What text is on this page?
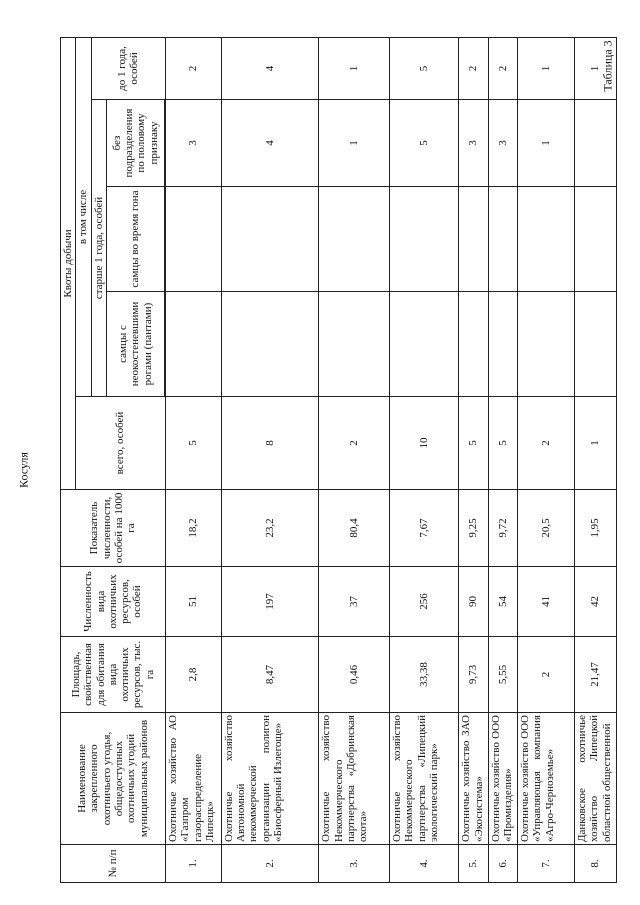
Косуля
Таблица 3
№ п/п	Наименование закрепленного охотничьего угодья, общедоступных охотничьих угодий муниципальных районов	Площадь, свойственная для обитания вида охотничьих ресурсов, тыс. га	Численность вида охотничьих ресурсов, особей	Показатель численности, особей на 1000 га	Квоты добычи				
					всего, особей	в том числе			
						старше 1 года, особей			до 1 года, особей
						самцы с неокостеневшими рогами (пантами)	самцы во время гона	без подразделения по половому признаку	

1.	Охотничье хозяйство АО «Газпром газораспределение Липецк»	2,8	51	18,2	5			3	2
2.	Охотничье хозяйство Автономной некоммерческой организации полигон «Биосферный Излегоще»	8,47	197	23,2	8			4	4
3.	Охотничье хозяйство Некоммерческого партнерства «Добринская охота»	0,46	37	80,4	2			1	1
4.	Охотничье хозяйство Некоммерческого партнерства «Липецкий экологический парк»	33,38	256	7,67	10			5	5
5.	Охотничье хозяйство ЗАО «Экосистема»	9,73	90	9,25	5			3	2
6.	Охотничье хозяйство ООО «Промизделия»	5,55	54	9,72	5			3	2
7.	Охотничье хозяйство ООО «Управляющая компания «Агро-Черноземье»	2	41	20,5	2			1	1
8.	Данковское охотничье хозяйство Липецкой областной общественной	21,47	42	1,95	1				1
